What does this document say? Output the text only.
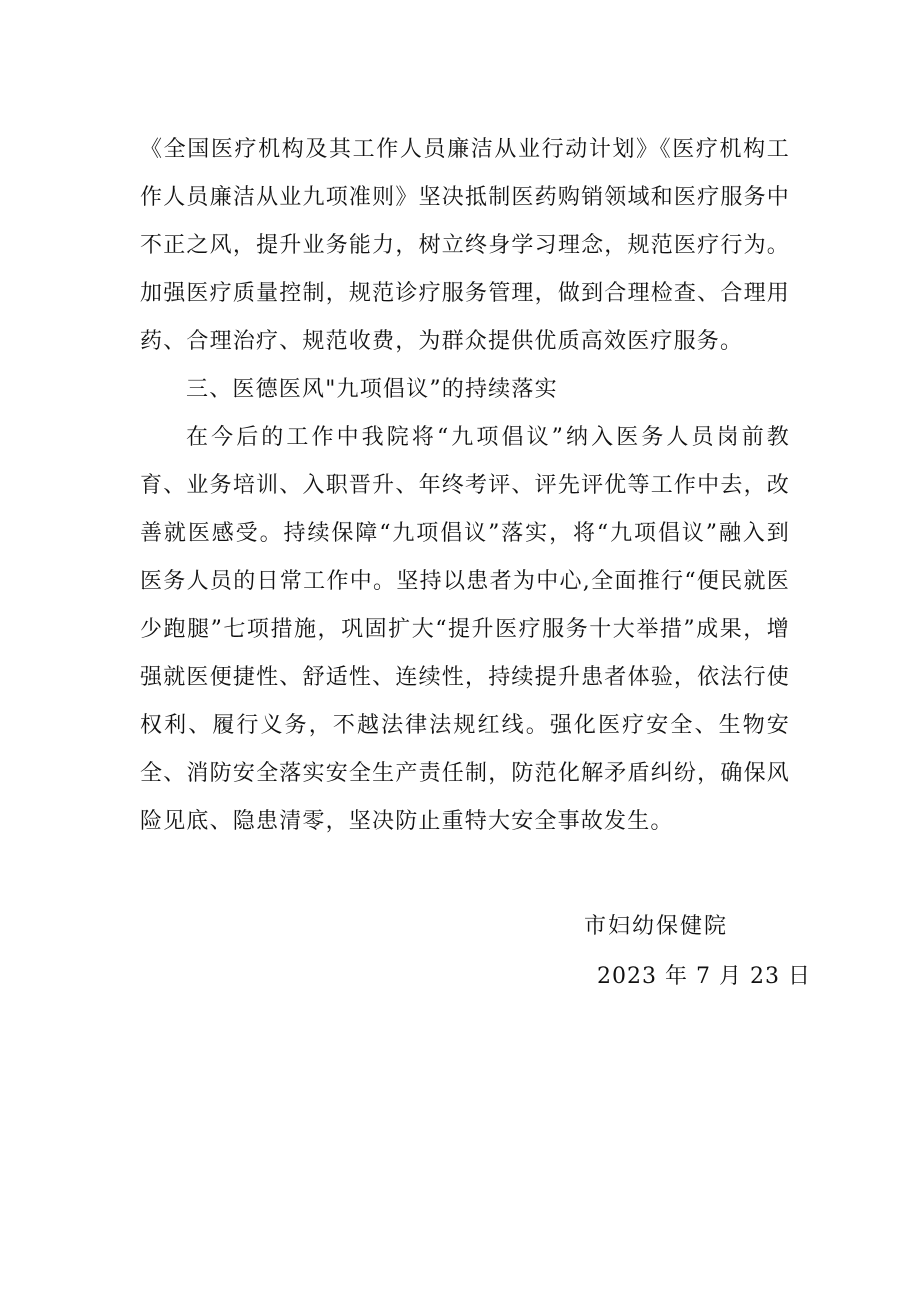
《全国医疗机构及其工作人员廉洁从业行动计划》《医疗机构工作人员廉洁从业九项准则》坚决抵制医药购销领域和医疗服务中不正之风，提升业务能力，树立终身学习理念，规范医疗行为。加强医疗质量控制，规范诊疗服务管理，做到合理检查、合理用药、合理治疗、规范收费，为群众提供优质高效医疗服务。

三、医德医风"九项倡议”的持续落实

在今后的工作中我院将“九项倡议”纳入医务人员岗前教育、业务培训、入职晋升、年终考评、评先评优等工作中去，改善就医感受。持续保障“九项倡议”落实，将“九项倡议”融入到医务人员的日常工作中。坚持以患者为中心,全面推行“便民就医少跑腿”七项措施，巩固扩大“提升医疗服务十大举措”成果，增强就医便捷性、舒适性、连续性，持续提升患者体验，依法行使权利、履行义务，不越法律法规红线。强化医疗安全、生物安全、消防安全落实安全生产责任制，防范化解矛盾纠纷，确保风险见底、隐患清零，坚决防止重特大安全事故发生。

市妇幼保健院
2023 年 7 月 23 日
